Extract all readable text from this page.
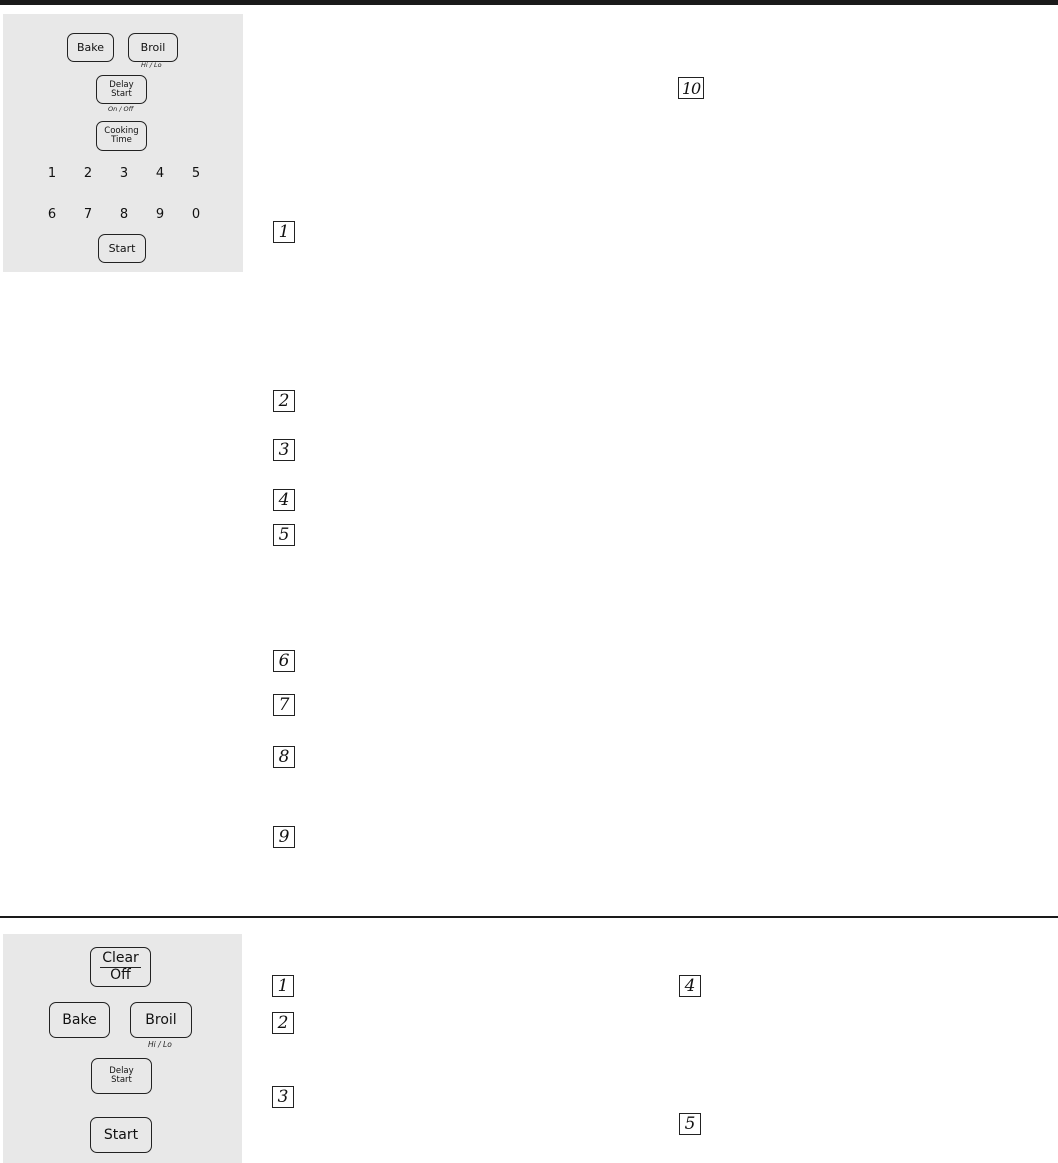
Bake	Broil
Hi / Lo
Delay
Start
On / Off
Cooking
Time
1 2 3 4 5
6 7 8 9 0
Start
10
1
2
3
4
5
6
7
8
9
Clear
Off
Bake	Broil
Hi / Lo
Delay
Start
Start
1
2
3
4
5
